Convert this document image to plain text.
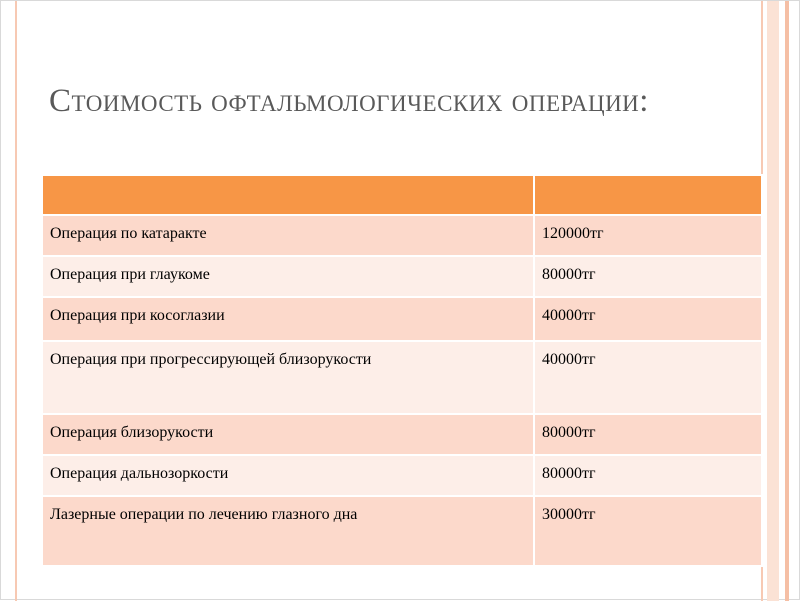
Стоимость офтальмологических операции:

Операция по катаракте	120000тг
Операция при глаукоме	80000тг
Операция при косоглазии	40000тг
Операция при прогрессирующей близорукости	40000тг
Операция близорукости	80000тг
Операция дальнозоркости	80000тг
Лазерные операции по лечению глазного дна	30000тг
